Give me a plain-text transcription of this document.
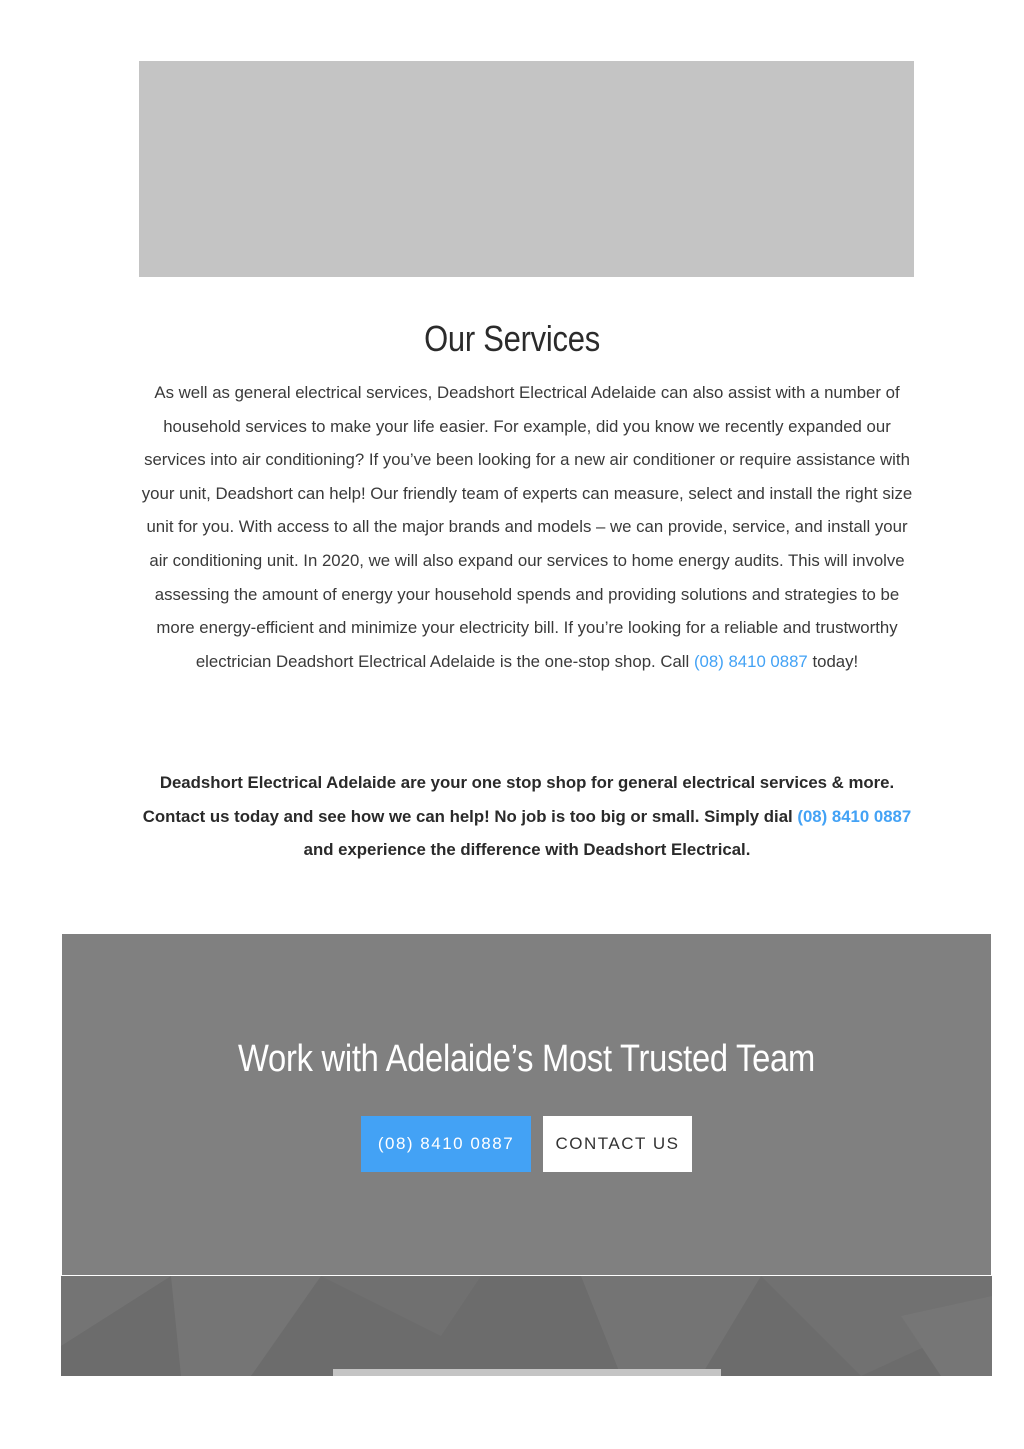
Our Services

As well as general electrical services, Deadshort Electrical Adelaide can also assist with a number of household services to make your life easier. For example, did you know we recently expanded our services into air conditioning? If you’ve been looking for a new air conditioner or require assistance with your unit, Deadshort can help! Our friendly team of experts can measure, select and install the right size unit for you. With access to all the major brands and models – we can provide, service, and install your air conditioning unit. In 2020, we will also expand our services to home energy audits. This will involve assessing the amount of energy your household spends and providing solutions and strategies to be more energy-efficient and minimize your electricity bill. If you’re looking for a reliable and trustworthy electrician Deadshort Electrical Adelaide is the one-stop shop. Call (08) 8410 0887 today!

Deadshort Electrical Adelaide are your one stop shop for general electrical services & more. Contact us today and see how we can help! No job is too big or small. Simply dial (08) 8410 0887 and experience the difference with Deadshort Electrical.

Work with Adelaide’s Most Trusted Team
(08) 8410 0887	CONTACT US
